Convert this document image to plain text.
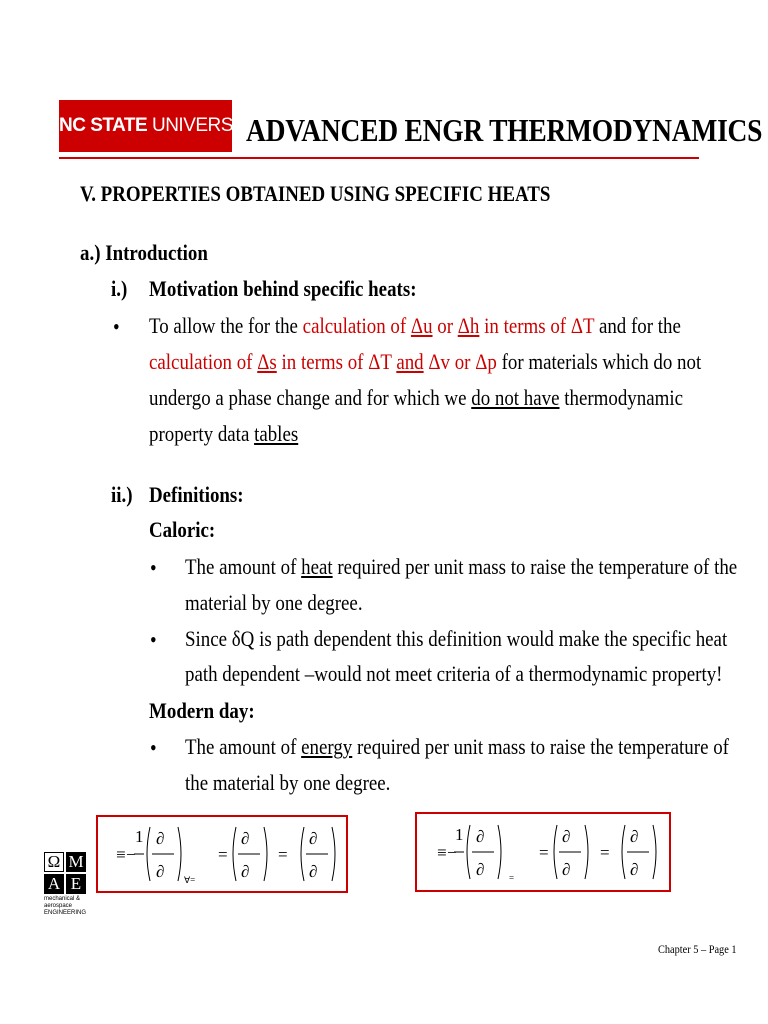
NC STATE UNIVERSITY
ADVANCED ENGR THERMODYNAMICS
V. PROPERTIES OBTAINED USING SPECIFIC HEATS
a.) Introduction
i.) Motivation behind specific heats:
• To allow the for the calculation of Δu or Δh in terms of ΔT and for the
calculation of Δs in terms of ΔT and Δv or Δp for materials which do not
undergo a phase change and for which we do not have thermodynamic
property data tables
ii.) Definitions:
Caloric:
• The amount of heat required per unit mass to raise the temperature of the
material by one degree.
• Since δQ is path dependent this definition would make the specific heat
path dependent –would not meet criteria of a thermodynamic property!
Modern day:
• The amount of energy required per unit mass to raise the temperature of
the material by one degree.
≡ −
1 ∂
∂ ∀=
=
∂
∂
=
∂
∂
≡ −
1 ∂
∂	=
=
∂
∂
=
∂
∂
Ω M
A E
mechanical & aerospace
ENGINEERING
Chapter 5 – Page 1
